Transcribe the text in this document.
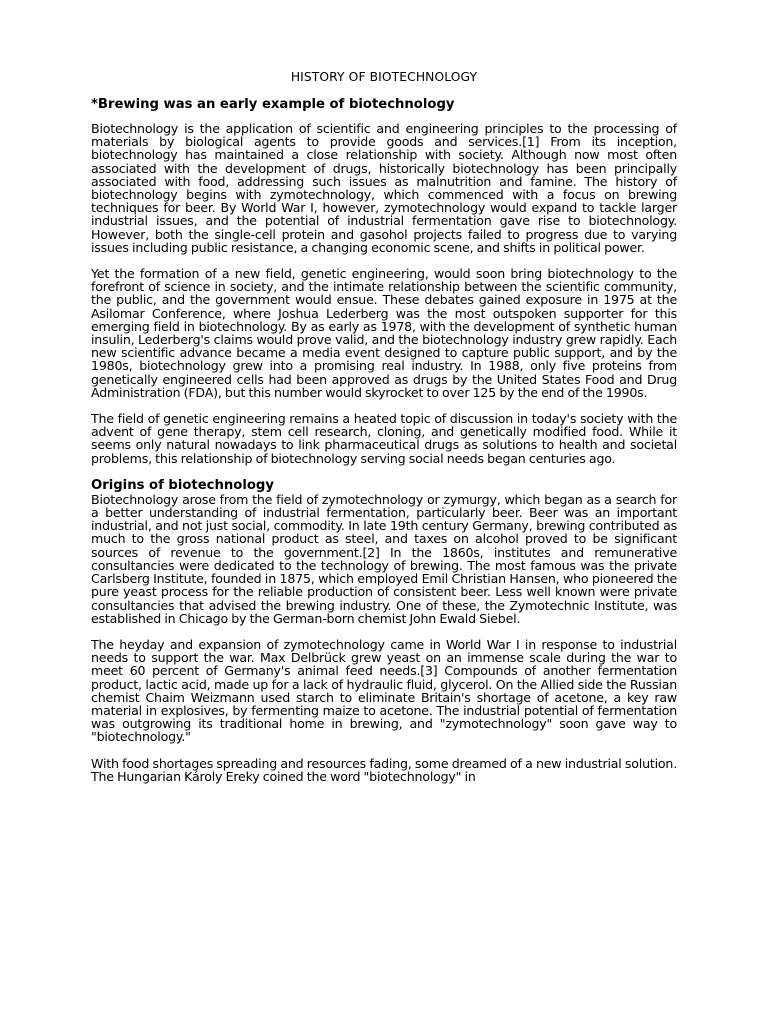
HISTORY OF BIOTECHNOLOGY
*Brewing was an early example of biotechnology

Biotechnology is the application of scientific and engineering principles to the processing of materials by biological agents to provide goods and services.[1] From its inception, biotechnology has maintained a close relationship with society. Although now most often associated with the development of drugs, historically biotechnology has been principally associated with food, addressing such issues as malnutrition and famine. The history of biotechnology begins with zymotechnology, which commenced with a focus on brewing techniques for beer. By World War I, however, zymotechnology would expand to tackle larger industrial issues, and the potential of industrial fermentation gave rise to biotechnology. However, both the single-cell protein and gasohol projects failed to progress due to varying issues including public resistance, a changing economic scene, and shifts in political power.

Yet the formation of a new field, genetic engineering, would soon bring biotechnology to the forefront of science in society, and the intimate relationship between the scientific community, the public, and the government would ensue. These debates gained exposure in 1975 at the Asilomar Conference, where Joshua Lederberg was the most outspoken supporter for this emerging field in biotechnology. By as early as 1978, with the development of synthetic human insulin, Lederberg's claims would prove valid, and the biotechnology industry grew rapidly. Each new scientific advance became a media event designed to capture public support, and by the 1980s, biotechnology grew into a promising real industry. In 1988, only five proteins from genetically engineered cells had been approved as drugs by the United States Food and Drug Administration (FDA), but this number would skyrocket to over 125 by the end of the 1990s.

The field of genetic engineering remains a heated topic of discussion in today's society with the advent of gene therapy, stem cell research, cloning, and genetically modified food. While it seems only natural nowadays to link pharmaceutical drugs as solutions to health and societal problems, this relationship of biotechnology serving social needs began centuries ago.

Origins of biotechnology

Biotechnology arose from the field of zymotechnology or zymurgy, which began as a search for a better understanding of industrial fermentation, particularly beer. Beer was an important industrial, and not just social, commodity. In late 19th century Germany, brewing contributed as much to the gross national product as steel, and taxes on alcohol proved to be significant sources of revenue to the government.[2] In the 1860s, institutes and remunerative consultancies were dedicated to the technology of brewing. The most famous was the private Carlsberg Institute, founded in 1875, which employed Emil Christian Hansen, who pioneered the pure yeast process for the reliable production of consistent beer. Less well known were private consultancies that advised the brewing industry. One of these, the Zymotechnic Institute, was established in Chicago by the German-born chemist John Ewald Siebel.

The heyday and expansion of zymotechnology came in World War I in response to industrial needs to support the war. Max Delbrück grew yeast on an immense scale during the war to meet 60 percent of Germany's animal feed needs.[3] Compounds of another fermentation product, lactic acid, made up for a lack of hydraulic fluid, glycerol. On the Allied side the Russian chemist Chaim Weizmann used starch to eliminate Britain's shortage of acetone, a key raw material in explosives, by fermenting maize to acetone. The industrial potential of fermentation was outgrowing its traditional home in brewing, and "zymotechnology" soon gave way to "biotechnology."

With food shortages spreading and resources fading, some dreamed of a new industrial solution. The Hungarian Károly Ereky coined the word "biotechnology" in
